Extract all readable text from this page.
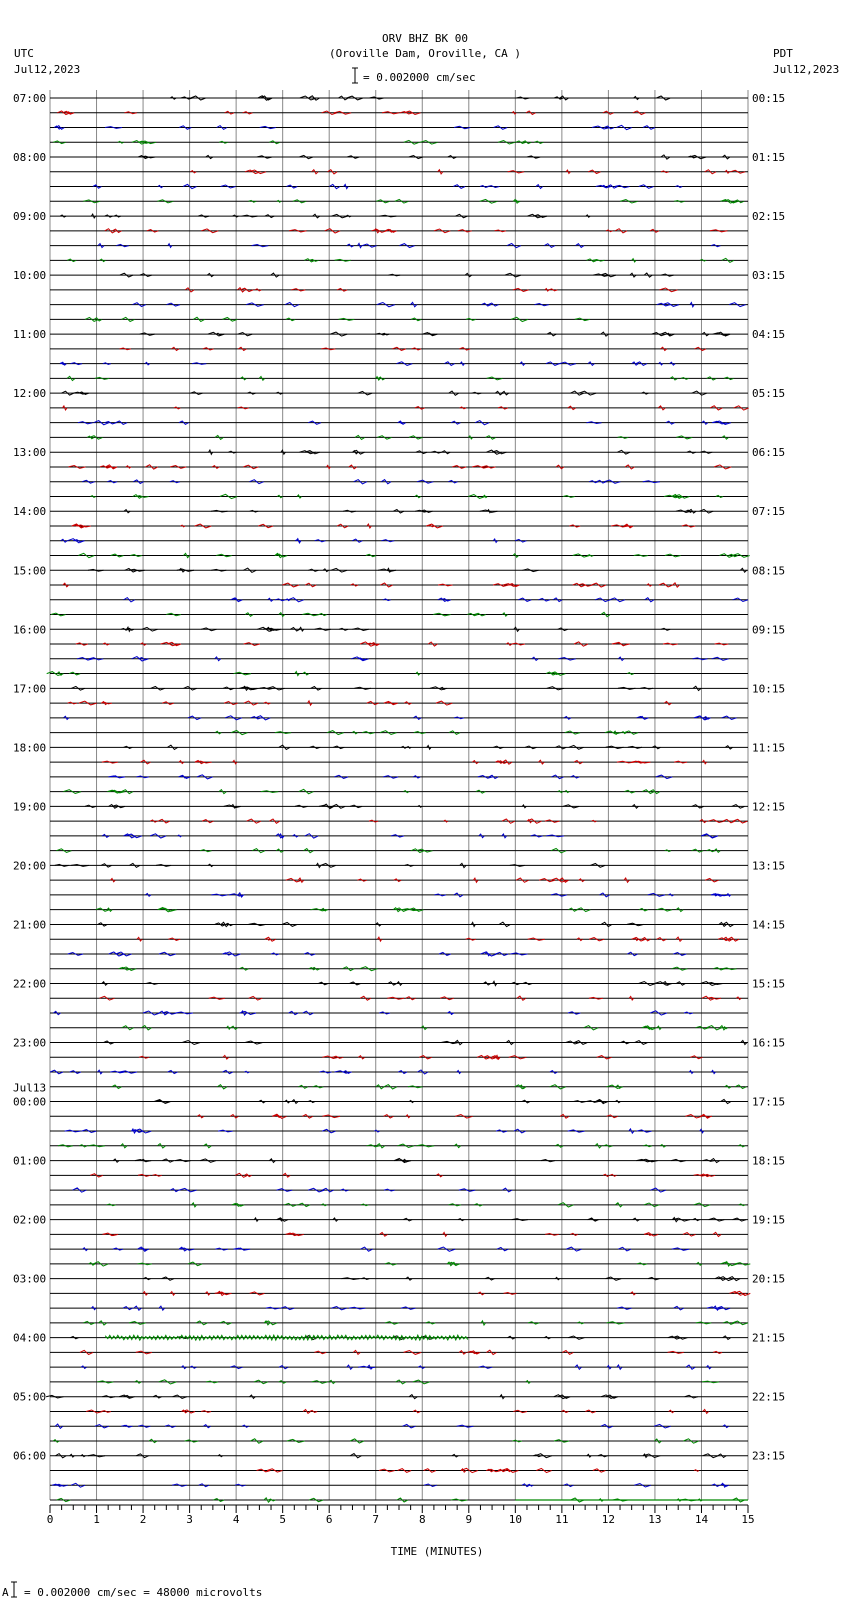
ORV BHZ BK 00
(Oroville Dam, Oroville, CA )
UTC
Jul12,2023
PDT
Jul12,2023
= 0.002000 cm/sec
07:00
08:00
09:00
10:00
11:00
12:00
13:00
14:00
15:00
16:00
17:00
18:00
19:00
20:00
21:00
22:00
23:00
00:00
01:00
02:00
03:00
04:00
05:00
06:00
00:15
01:15
02:15
03:15
04:15
05:15
06:15
07:15
08:15
09:15
10:15
11:15
12:15
13:15
14:15
15:15
16:15
17:15
18:15
19:15
20:15
21:15
22:15
23:15
Jul13
0	1	2	3	4	5	6	7	8	9	10	11	12	13	14	15
TIME (MINUTES)
A = 0.002000 cm/sec = 48000 microvolts
